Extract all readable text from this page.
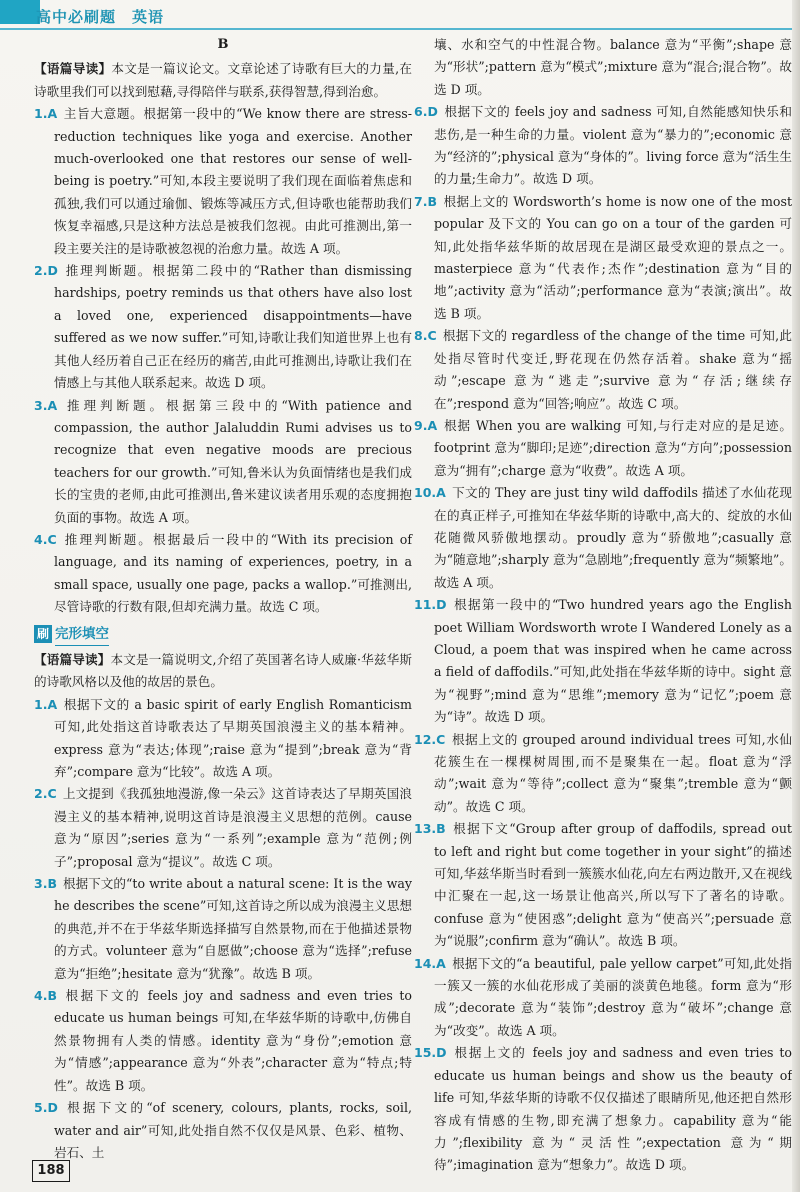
高中必刷题　英语
B

【语篇导读】本文是一篇议论文。文章论述了诗歌有巨大的力量,在诗歌里我们可以找到慰藉,寻得陪伴与联系,获得智慧,得到治愈。

1.A 主旨大意题。根据第一段中的“We know there are stress-reduction techniques like yoga and exercise. Another much-overlooked one that restores our sense of well-being is poetry.”可知,本段主要说明了我们现在面临着焦虑和孤独,我们可以通过瑜伽、锻炼等减压方式,但诗歌也能帮助我们恢复幸福感,只是这种方法总是被我们忽视。由此可推测出,第一段主要关注的是诗歌被忽视的治愈力量。故选 A 项。

2.D 推理判断题。根据第二段中的“Rather than dismissing hardships, poetry reminds us that others have also lost a loved one, experienced disappointments—have suffered as we now suffer.”可知,诗歌让我们知道世界上也有其他人经历着自己正在经历的痛苦,由此可推测出,诗歌让我们在情感上与其他人联系起来。故选 D 项。

3.A 推理判断题。根据第三段中的“With patience and compassion, the author Jalaluddin Rumi advises us to recognize that even negative moods are precious teachers for our growth.”可知,鲁米认为负面情绪也是我们成长的宝贵的老师,由此可推测出,鲁米建议读者用乐观的态度拥抱负面的事物。故选 A 项。

4.C 推理判断题。根据最后一段中的“With its precision of language, and its naming of experiences, poetry, in a small space, usually one page, packs a wallop.”可推测出,尽管诗歌的行数有限,但却充满力量。故选 C 项。

刷 完形填空

【语篇导读】本文是一篇说明文,介绍了英国著名诗人威廉·华兹华斯的诗歌风格以及他的故居的景色。

1.A 根据下文的 a basic spirit of early English Romanticism 可知,此处指这首诗歌表达了早期英国浪漫主义的基本精神。express 意为“表达;体现”;raise 意为“提到”;break 意为“背弃”;compare 意为“比较”。故选 A 项。

2.C 上文提到《我孤独地漫游,像一朵云》这首诗表达了早期英国浪漫主义的基本精神,说明这首诗是浪漫主义思想的范例。cause 意为“原因”;series 意为“一系列”;example 意为“范例;例子”;proposal 意为“提议”。故选 C 项。

3.B 根据下文的“to write about a natural scene: It is the way he describes the scene”可知,这首诗之所以成为浪漫主义思想的典范,并不在于华兹华斯选择描写自然景物,而在于他描述景物的方式。volunteer 意为“自愿做”;choose 意为“选择”;refuse 意为“拒绝”;hesitate 意为“犹豫”。故选 B 项。

4.B 根据下文的 feels joy and sadness and even tries to educate us human beings 可知,在华兹华斯的诗歌中,仿佛自然景物拥有人类的情感。identity 意为“身份”;emotion 意为“情感”;appearance 意为“外表”;character 意为“特点;特性”。故选 B 项。

5.D 根据下文的“of scenery, colours, plants, rocks, soil, water and air”可知,此处指自然不仅仅是风景、色彩、植物、岩石、土

壤、水和空气的中性混合物。balance 意为“平衡”;shape 意为“形状”;pattern 意为“模式”;mixture 意为“混合;混合物”。故选 D 项。

6.D 根据下文的 feels joy and sadness 可知,自然能感知快乐和悲伤,是一种生命的力量。violent 意为“暴力的”;economic 意为“经济的”;physical 意为“身体的”。living force 意为“活生生的力量;生命力”。故选 D 项。

7.B 根据上文的 Wordsworth’s home is now one of the most popular 及下文的 You can go on a tour of the garden 可知,此处指华兹华斯的故居现在是湖区最受欢迎的景点之一。masterpiece 意为“代表作;杰作”;destination 意为“目的地”;activity 意为“活动”;performance 意为“表演;演出”。故选 B 项。

8.C 根据下文的 regardless of the change of the time 可知,此处指尽管时代变迁,野花现在仍然存活着。shake 意为“摇动”;escape 意为“逃走”;survive 意为“存活;继续存在”;respond 意为“回答;响应”。故选 C 项。

9.A 根据 When you are walking 可知,与行走对应的是足迹。footprint 意为“脚印;足迹”;direction 意为“方向”;possession 意为“拥有”;charge 意为“收费”。故选 A 项。

10.A 下文的 They are just tiny wild daffodils 描述了水仙花现在的真正样子,可推知在华兹华斯的诗歌中,高大的、绽放的水仙花随微风骄傲地摆动。proudly 意为“骄傲地”;casually 意为“随意地”;sharply 意为“急剧地”;frequently 意为“频繁地”。故选 A 项。

11.D 根据第一段中的“Two hundred years ago the English poet William Wordsworth wrote I Wandered Lonely as a Cloud, a poem that was inspired when he came across a field of daffodils.”可知,此处指在华兹华斯的诗中。sight 意为“视野”;mind 意为“思维”;memory 意为“记忆”;poem 意为“诗”。故选 D 项。

12.C 根据上文的 grouped around individual trees 可知,水仙花簇生在一棵棵树周围,而不是聚集在一起。float 意为“浮动”;wait 意为“等待”;collect 意为“聚集”;tremble 意为“颤动”。故选 C 项。

13.B 根据下文“Group after group of daffodils, spread out to left and right but come together in your sight”的描述可知,华兹华斯当时看到一簇簇水仙花,向左右两边散开,又在视线中汇聚在一起,这一场景让他高兴,所以写下了著名的诗歌。confuse 意为“使困惑”;delight 意为“使高兴”;persuade 意为“说服”;confirm 意为“确认”。故选 B 项。

14.A 根据下文的“a beautiful, pale yellow carpet”可知,此处指一簇又一簇的水仙花形成了美丽的淡黄色地毯。form 意为“形成”;decorate 意为“装饰”;destroy 意为“破坏”;change 意为“改变”。故选 A 项。

15.D 根据上文的 feels joy and sadness and even tries to educate us human beings and show us the beauty of life 可知,华兹华斯的诗歌不仅仅描述了眼睛所见,他还把自然形容成有情感的生物,即充满了想象力。capability 意为“能力”;flexibility 意为“灵活性”;expectation 意为“期待”;imagination 意为“想象力”。故选 D 项。

188
